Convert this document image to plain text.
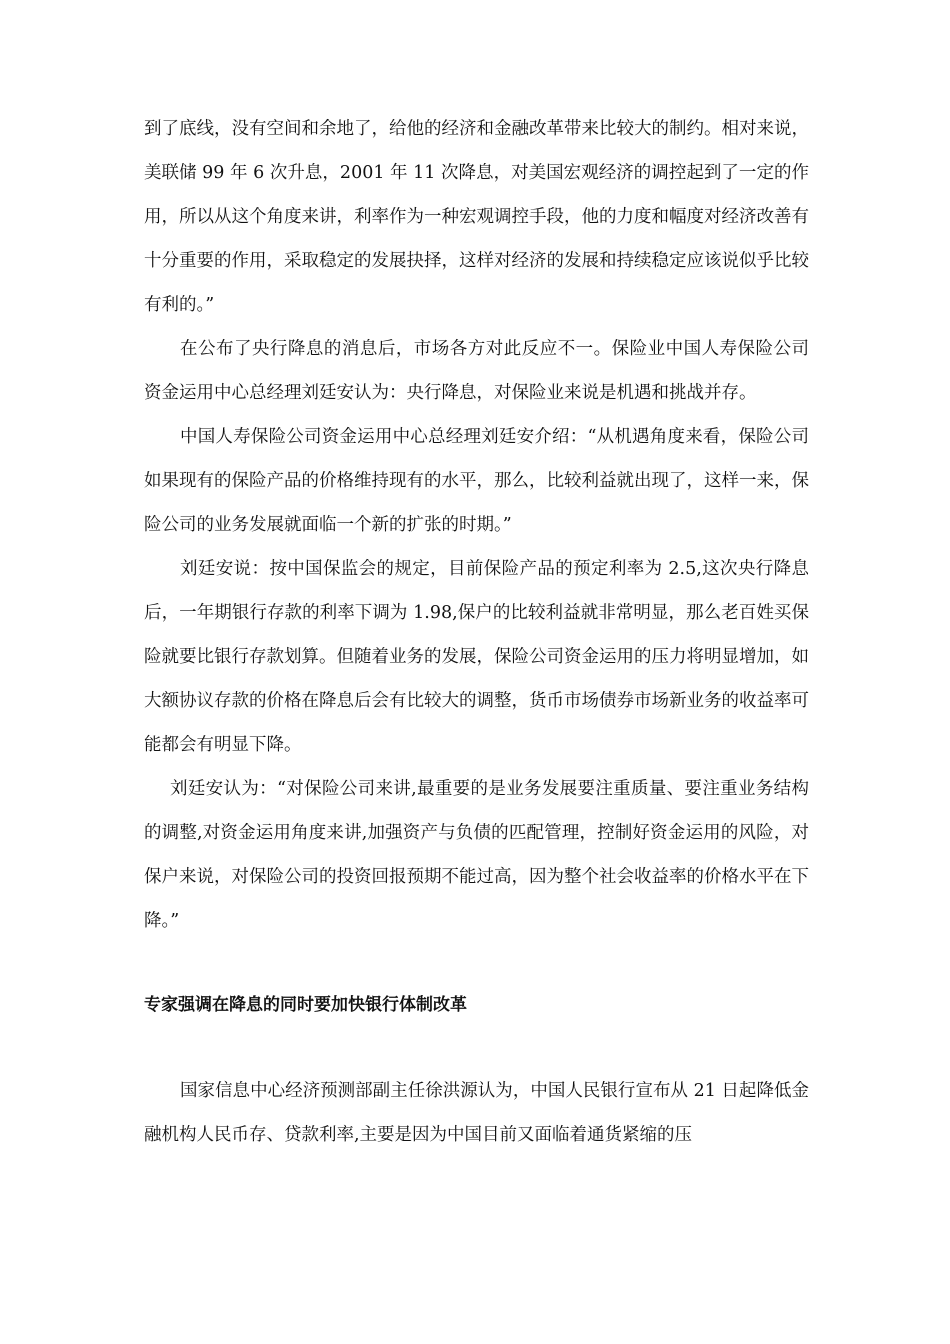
到了底线，没有空间和余地了，给他的经济和金融改革带来比较大的制约。相对来说，美联储 99 年 6 次升息，2001 年 11 次降息，对美国宏观经济的调控起到了一定的作用，所以从这个角度来讲，利率作为一种宏观调控手段，他的力度和幅度对经济改善有十分重要的作用，采取稳定的发展抉择，这样对经济的发展和持续稳定应该说似乎比较有利的。”

在公布了央行降息的消息后，市场各方对此反应不一。保险业中国人寿保险公司资金运用中心总经理刘廷安认为：央行降息，对保险业来说是机遇和挑战并存。

中国人寿保险公司资金运用中心总经理刘廷安介绍：“从机遇角度来看，保险公司如果现有的保险产品的价格维持现有的水平，那么，比较利益就出现了，这样一来，保险公司的业务发展就面临一个新的扩张的时期。”

刘廷安说：按中国保监会的规定，目前保险产品的预定利率为 2.5,这次央行降息后，一年期银行存款的利率下调为 1.98,保户的比较利益就非常明显，那么老百姓买保险就要比银行存款划算。但随着业务的发展，保险公司资金运用的压力将明显增加，如大额协议存款的价格在降息后会有比较大的调整，货币市场债券市场新业务的收益率可能都会有明显下降。

刘廷安认为：“对保险公司来讲,最重要的是业务发展要注重质量、要注重业务结构的调整,对资金运用角度来讲,加强资产与负债的匹配管理，控制好资金运用的风险，对保户来说，对保险公司的投资回报预期不能过高，因为整个社会收益率的价格水平在下降。”

专家强调在降息的同时要加快银行体制改革

国家信息中心经济预测部副主任徐洪源认为，中国人民银行宣布从 21 日起降低金融机构人民币存、贷款利率,主要是因为中国目前又面临着通货紧缩的压
